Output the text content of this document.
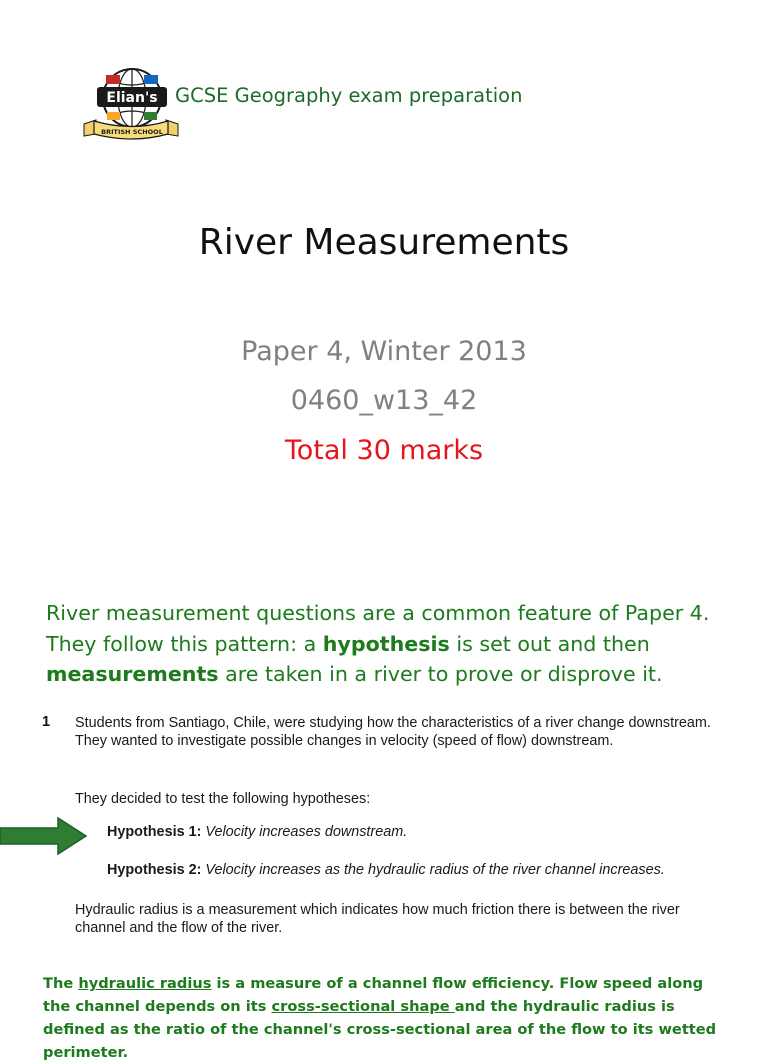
Elian's
BRITISH SCHOOL
GCSE Geography exam preparation
River Measurements
Paper 4, Winter 2013
0460_w13_42
Total 30 marks
River measurement questions are a common feature of Paper 4. They follow this pattern: a hypothesis is set out and then measurements are taken in a river to prove or disprove it.
1 Students from Santiago, Chile, were studying how the characteristics of a river change downstream. They wanted to investigate possible changes in velocity (speed of flow) downstream.
They decided to test the following hypotheses:
Hypothesis 1: Velocity increases downstream.
Hypothesis 2: Velocity increases as the hydraulic radius of the river channel increases.
Hydraulic radius is a measurement which indicates how much friction there is between the river channel and the flow of the river.
The hydraulic radius is a measure of a channel flow efficiency. Flow speed along the channel depends on its cross-sectional shape and the hydraulic radius is defined as the ratio of the channel's cross-sectional area of the flow to its wetted perimeter.
